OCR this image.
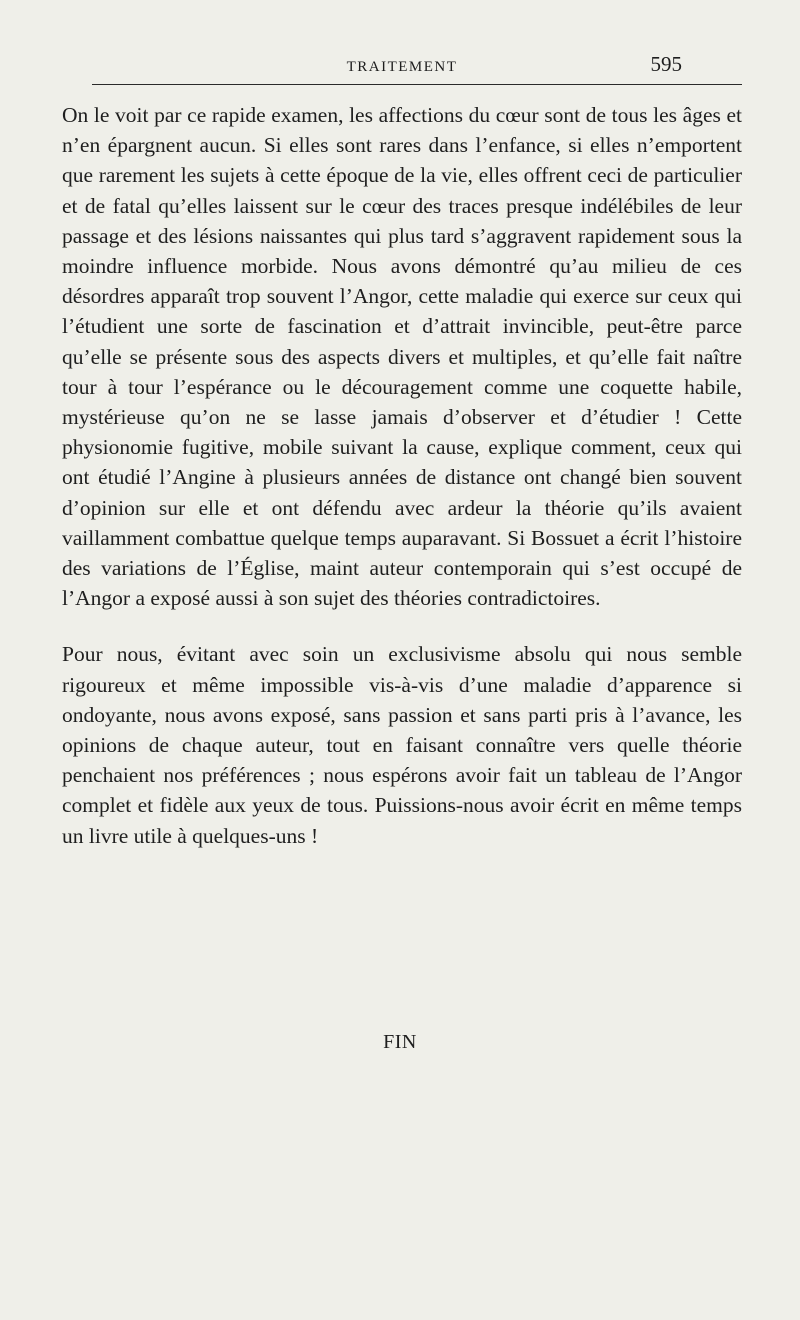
TRAITEMENT	595

On le voit par ce rapide examen, les affections du cœur sont de tous les âges et n’en épargnent aucun. Si elles sont rares dans l’enfance, si elles n’emportent que rarement les sujets à cette époque de la vie, elles offrent ceci de particulier et de fatal qu’elles laissent sur le cœur des traces presque indélébiles de leur passage et des lésions naissantes qui plus tard s’aggravent rapidement sous la moindre influence morbide. Nous avons démontré qu’au milieu de ces désordres apparaît trop souvent l’Angor, cette maladie qui exerce sur ceux qui l’étudient une sorte de fascination et d’attrait invincible, peut-être parce qu’elle se présente sous des aspects divers et multiples, et qu’elle fait naître tour à tour l’espérance ou le découragement comme une coquette habile, mystérieuse qu’on ne se lasse jamais d’observer et d’étudier ! Cette physionomie fugitive, mobile suivant la cause, explique comment, ceux qui ont étudié l’Angine à plusieurs années de distance ont changé bien souvent d’opinion sur elle et ont défendu avec ardeur la théorie qu’ils avaient vaillamment combattue quelque temps auparavant. Si Bossuet a écrit l’histoire des variations de l’Église, maint auteur contemporain qui s’est occupé de l’Angor a exposé aussi à son sujet des théories contradictoires.

Pour nous, évitant avec soin un exclusivisme absolu qui nous semble rigoureux et même impossible vis-à-vis d’une maladie d’apparence si ondoyante, nous avons exposé, sans passion et sans parti pris à l’avance, les opinions de chaque auteur, tout en faisant connaître vers quelle théorie penchaient nos préférences ; nous espérons avoir fait un tableau de l’Angor complet et fidèle aux yeux de tous. Puissions-nous avoir écrit en même temps un livre utile à quelques-uns !

FIN
